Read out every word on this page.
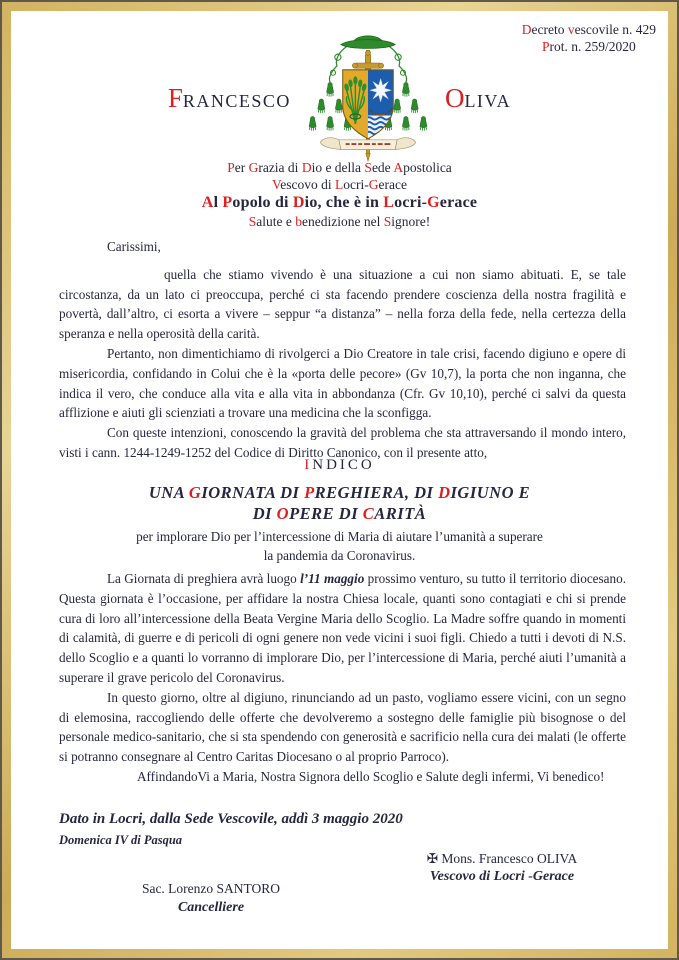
Decreto vescovile n. 429
Prot. n. 259/2020
FRANCESCO	OLIVA
Per Grazia di Dio e della Sede Apostolica
Vescovo di Locri-Gerace
Al Popolo di Dio, che è in Locri-Gerace
Salute e benedizione nel Signore!

Carissimi,

quella che stiamo vivendo è una situazione a cui non siamo abituati. E, se tale circostanza, da un lato ci preoccupa, perché ci sta facendo prendere coscienza della nostra fragilità e povertà, dall’altro, ci esorta a vivere – seppur “a distanza” – nella forza della fede, nella certezza della speranza e nella operosità della carità.

Pertanto, non dimentichiamo di rivolgerci a Dio Creatore in tale crisi, facendo digiuno e opere di misericordia, confidando in Colui che è la «porta delle pecore» (Gv 10,7), la porta che non inganna, che indica il vero, che conduce alla vita e alla vita in abbondanza (Cfr. Gv 10,10), perché ci salvi da questa afflizione e aiuti gli scienziati a trovare una medicina che la sconfigga.

Con queste intenzioni, conoscendo la gravità del problema che sta attraversando il mondo intero, visti i cann. 1244-1249-1252 del Codice di Diritto Canonico, con il presente atto,

INDICO
UNA GIORNATA DI PREGHIERA, DI DIGIUNO E
DI OPERE DI CARITÀ
per implorare Dio per l’intercessione di Maria di aiutare l’umanità a superare
la pandemia da Coronavirus.

La Giornata di preghiera avrà luogo l’11 maggio prossimo venturo, su tutto il territorio diocesano. Questa giornata è l’occasione, per affidare la nostra Chiesa locale, quanti sono contagiati e chi si prende cura di loro all’intercessione della Beata Vergine Maria dello Scoglio. La Madre soffre quando in momenti di calamità, di guerre e di pericoli di ogni genere non vede vicini i suoi figli. Chiedo a tutti i devoti di N.S. dello Scoglio e a quanti lo vorranno di implorare Dio, per l’intercessione di Maria, perché aiuti l’umanità a superare il grave pericolo del Coronavirus.

In questo giorno, oltre al digiuno, rinunciando ad un pasto, vogliamo essere vicini, con un segno di elemosina, raccogliendo delle offerte che devolveremo a sostegno delle famiglie più bisognose o del personale medico-sanitario, che si sta spendendo con generosità e sacrificio nella cura dei malati (le offerte si potranno consegnare al Centro Caritas Diocesano o al proprio Parroco).

AffindandoVi a Maria, Nostra Signora dello Scoglio e Salute degli infermi, Vi benedico!

Dato in Locri, dalla Sede Vescovile, addì 3 maggio 2020
Domenica IV di Pasqua
✠ Mons. Francesco OLIVA
Vescovo di Locri -Gerace
Sac. Lorenzo SANTORO
Cancelliere
